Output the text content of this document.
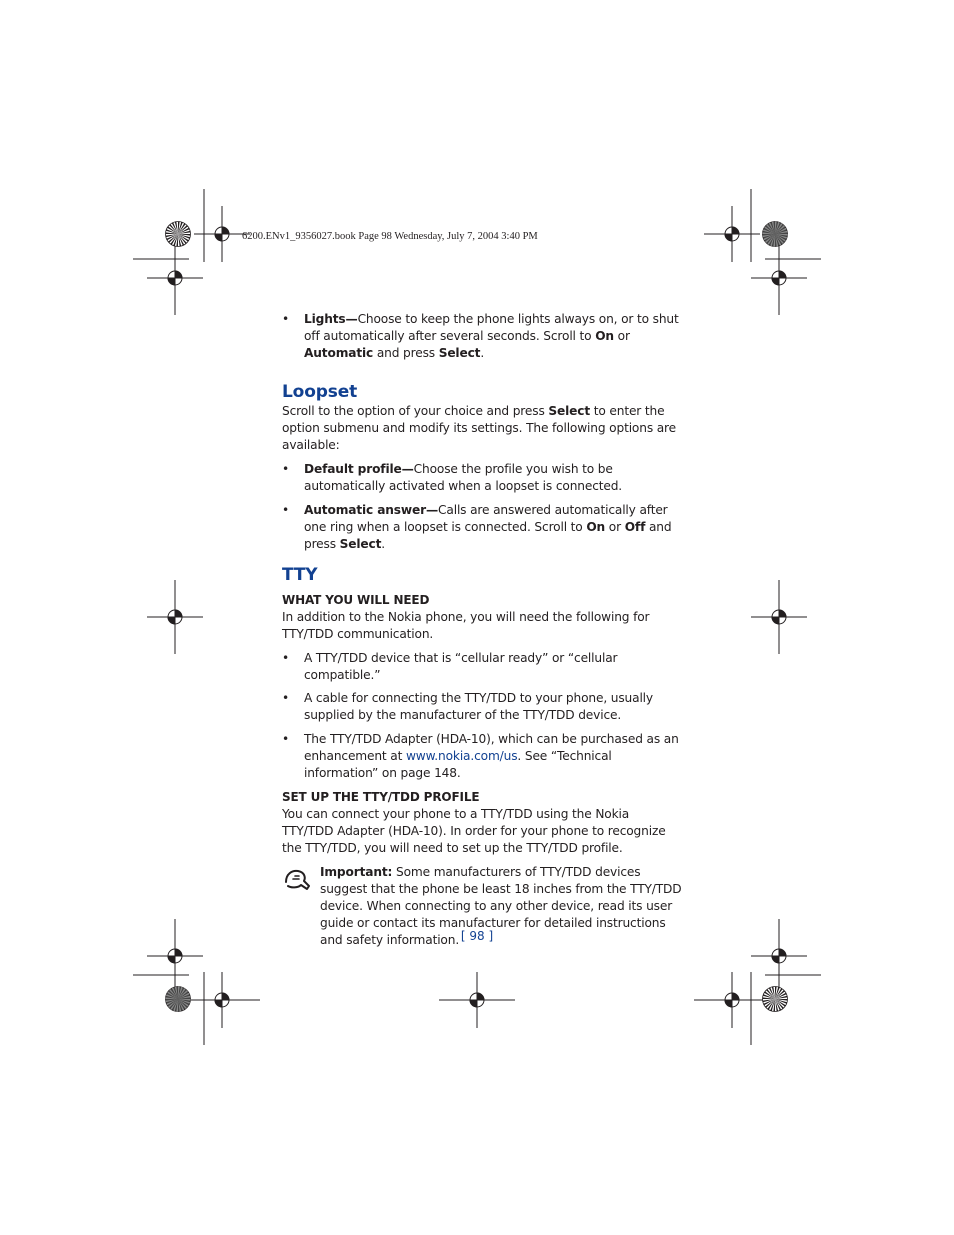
6200.ENv1_9356027.book Page 98 Wednesday, July 7, 2004 3:40 PM

• Lights—Choose to keep the phone lights always on, or to shut off automatically after several seconds. Scroll to On or Automatic and press Select.

Loopset

Scroll to the option of your choice and press Select to enter the option submenu and modify its settings. The following options are available:

• Default profile—Choose the profile you wish to be automatically activated when a loopset is connected.

• Automatic answer—Calls are answered automatically after one ring when a loopset is connected. Scroll to On or Off and press Select.

TTY

WHAT YOU WILL NEED

In addition to the Nokia phone, you will need the following for TTY/TDD communication.

• A TTY/TDD device that is “cellular ready” or “cellular compatible.”

• A cable for connecting the TTY/TDD to your phone, usually supplied by the manufacturer of the TTY/TDD device.

• The TTY/TDD Adapter (HDA-10), which can be purchased as an enhancement at www.nokia.com/us. See “Technical information” on page 148.

SET UP THE TTY/TDD PROFILE

You can connect your phone to a TTY/TDD using the Nokia TTY/TDD Adapter (HDA-10). In order for your phone to recognize the TTY/TDD, you will need to set up the TTY/TDD profile.

Important: Some manufacturers of TTY/TDD devices suggest that the phone be least 18 inches from the TTY/TDD device. When connecting to any other device, read its user guide or contact its manufacturer for detailed instructions and safety information. [ 98 ]
